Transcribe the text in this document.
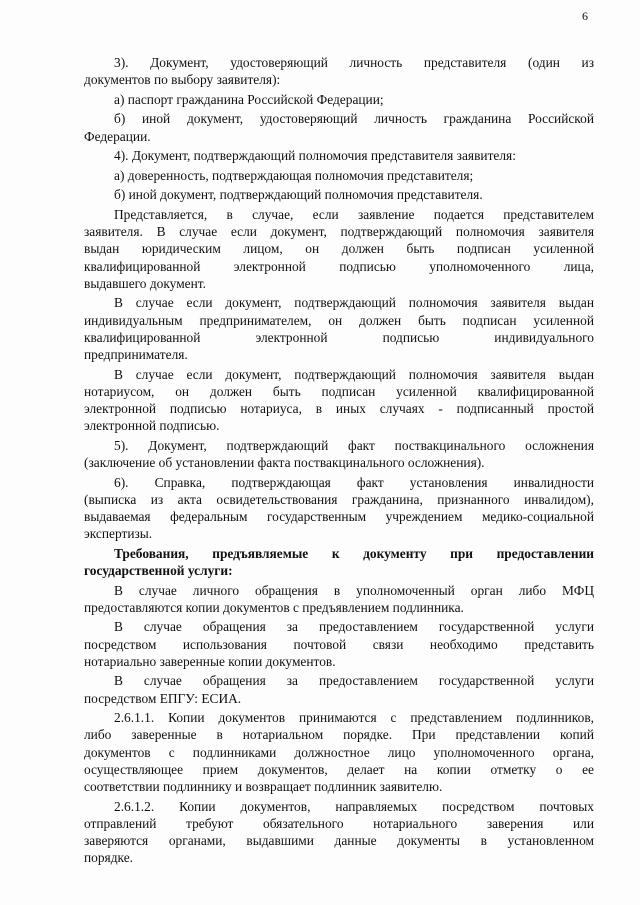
6
3). Документ, удостоверяющий личность представителя (один из
документов по выбору заявителя):
а) паспорт гражданина Российской Федерации;
б) иной документ, удостоверяющий личность гражданина Российской
Федерации.
4). Документ, подтверждающий полномочия представителя заявителя:
а) доверенность, подтверждающая полномочия представителя;
б) иной документ, подтверждающий полномочия представителя.
Представляется, в случае, если заявление подается представителем
заявителя. В случае если документ, подтверждающий полномочия заявителя
выдан юридическим лицом, он должен быть подписан усиленной
квалифицированной электронной подписью уполномоченного лица,
выдавшего документ.
В случае если документ, подтверждающий полномочия заявителя выдан
индивидуальным предпринимателем, он должен быть подписан усиленной
квалифицированной электронной подписью индивидуального
предпринимателя.
В случае если документ, подтверждающий полномочия заявителя выдан
нотариусом, он должен быть подписан усиленной квалифицированной
электронной подписью нотариуса, в иных случаях - подписанный простой
электронной подписью.
5). Документ, подтверждающий факт поствакцинального осложнения
(заключение об установлении факта поствакцинального осложнения).
6). Справка, подтверждающая факт установления инвалидности
(выписка из акта освидетельствования гражданина, признанного инвалидом),
выдаваемая федеральным государственным учреждением медико-социальной
экспертизы.
Требования, предъявляемые к документу при предоставлении
государственной услуги:
В случае личного обращения в уполномоченный орган либо МФЦ
предоставляются копии документов с предъявлением подлинника.
В случае обращения за предоставлением государственной услуги
посредством использования почтовой связи необходимо представить
нотариально заверенные копии документов.
В случае обращения за предоставлением государственной услуги
посредством ЕПГУ: ЕСИА.
2.6.1.1. Копии документов принимаются с представлением подлинников,
либо заверенные в нотариальном порядке. При представлении копий
документов с подлинниками должностное лицо уполномоченного органа,
осуществляющее прием документов, делает на копии отметку о ее
соответствии подлиннику и возвращает подлинник заявителю.
2.6.1.2. Копии документов, направляемых посредством почтовых
отправлений требуют обязательного нотариального заверения или
заверяются органами, выдавшими данные документы в установленном
порядке.
